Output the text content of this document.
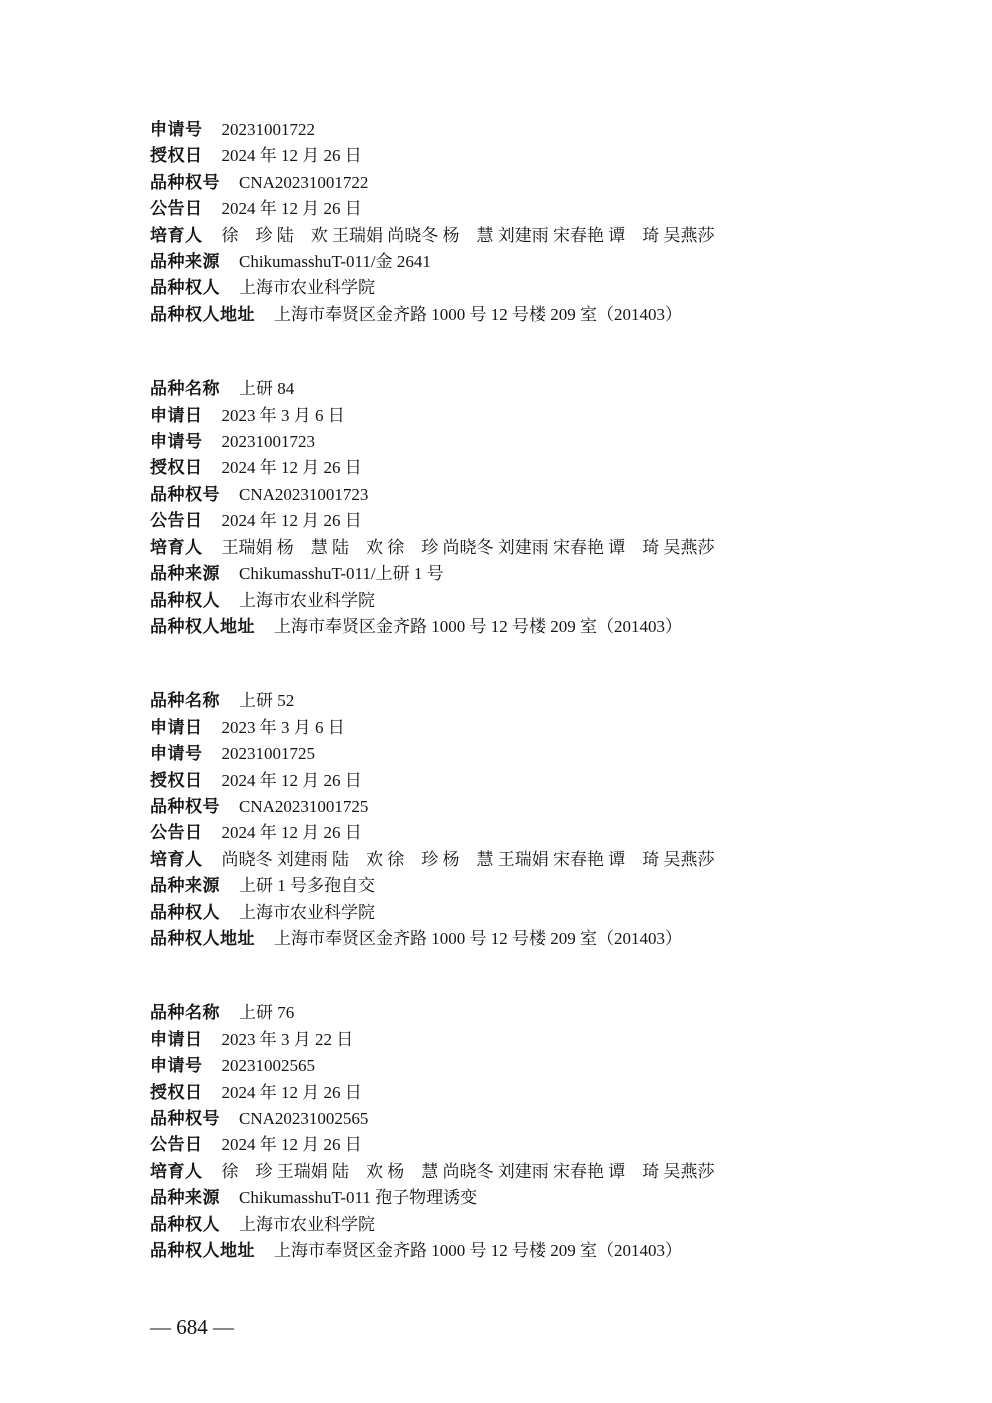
申请号 20231001722

授权日 2024 年 12 月 26 日

品种权号 CNA20231001722

公告日 2024 年 12 月 26 日

培育人 徐　珍 陆　欢 王瑞娟 尚晓冬 杨　慧 刘建雨 宋春艳 谭　琦 吴燕莎

品种来源 ChikumasshuT-011/金 2641

品种权人 上海市农业科学院

品种权人地址 上海市奉贤区金齐路 1000 号 12 号楼 209 室（201403）

品种名称 上研 84

申请日 2023 年 3 月 6 日

申请号 20231001723

授权日 2024 年 12 月 26 日

品种权号 CNA20231001723

公告日 2024 年 12 月 26 日

培育人 王瑞娟 杨　慧 陆　欢 徐　珍 尚晓冬 刘建雨 宋春艳 谭　琦 吴燕莎

品种来源 ChikumasshuT-011/上研 1 号

品种权人 上海市农业科学院

品种权人地址 上海市奉贤区金齐路 1000 号 12 号楼 209 室（201403）

品种名称 上研 52

申请日 2023 年 3 月 6 日

申请号 20231001725

授权日 2024 年 12 月 26 日

品种权号 CNA20231001725

公告日 2024 年 12 月 26 日

培育人 尚晓冬 刘建雨 陆　欢 徐　珍 杨　慧 王瑞娟 宋春艳 谭　琦 吴燕莎

品种来源 上研 1 号多孢自交

品种权人 上海市农业科学院

品种权人地址 上海市奉贤区金齐路 1000 号 12 号楼 209 室（201403）

品种名称 上研 76

申请日 2023 年 3 月 22 日

申请号 20231002565

授权日 2024 年 12 月 26 日

品种权号 CNA20231002565

公告日 2024 年 12 月 26 日

培育人 徐　珍 王瑞娟 陆　欢 杨　慧 尚晓冬 刘建雨 宋春艳 谭　琦 吴燕莎

品种来源 ChikumasshuT-011 孢子物理诱变

品种权人 上海市农业科学院

品种权人地址 上海市奉贤区金齐路 1000 号 12 号楼 209 室（201403）

— 684 —
